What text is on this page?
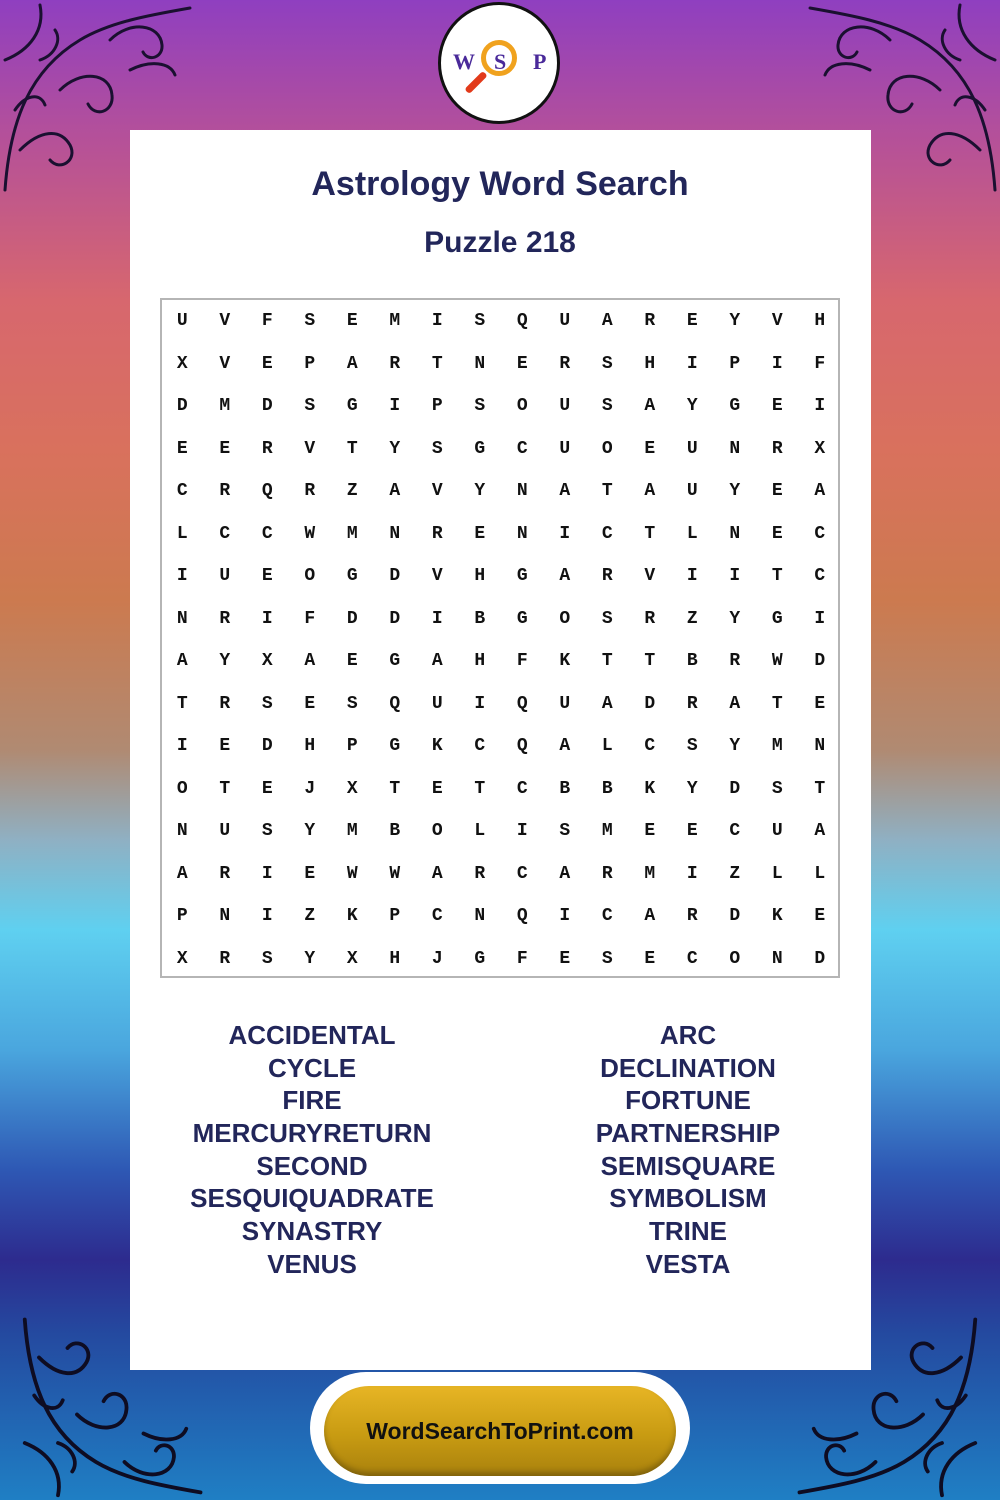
W S P
Astrology Word Search
Puzzle 218
U	V	F	S	E	M	I	S	Q	U	A	R	E	Y	V	H
X	V	E	P	A	R	T	N	E	R	S	H	I	P	I	F
D	M	D	S	G	I	P	S	O	U	S	A	Y	G	E	I
E	E	R	V	T	Y	S	G	C	U	O	E	U	N	R	X
C	R	Q	R	Z	A	V	Y	N	A	T	A	U	Y	E	A
L	C	C	W	M	N	R	E	N	I	C	T	L	N	E	C
I	U	E	O	G	D	V	H	G	A	R	V	I	I	T	C
N	R	I	F	D	D	I	B	G	O	S	R	Z	Y	G	I
A	Y	X	A	E	G	A	H	F	K	T	T	B	R	W	D
T	R	S	E	S	Q	U	I	Q	U	A	D	R	A	T	E
I	E	D	H	P	G	K	C	Q	A	L	C	S	Y	M	N
O	T	E	J	X	T	E	T	C	B	B	K	Y	D	S	T
N	U	S	Y	M	B	O	L	I	S	M	E	E	C	U	A
A	R	I	E	W	W	A	R	C	A	R	M	I	Z	L	L
P	N	I	Z	K	P	C	N	Q	I	C	A	R	D	K	E
X	R	S	Y	X	H	J	G	F	E	S	E	C	O	N	D
ACCIDENTAL
CYCLE
FIRE
MERCURYRETURN
SECOND
SESQUIQUADRATE
SYNASTRY
VENUS
ARC
DECLINATION
FORTUNE
PARTNERSHIP
SEMISQUARE
SYMBOLISM
TRINE
VESTA
WordSearchToPrint.com
